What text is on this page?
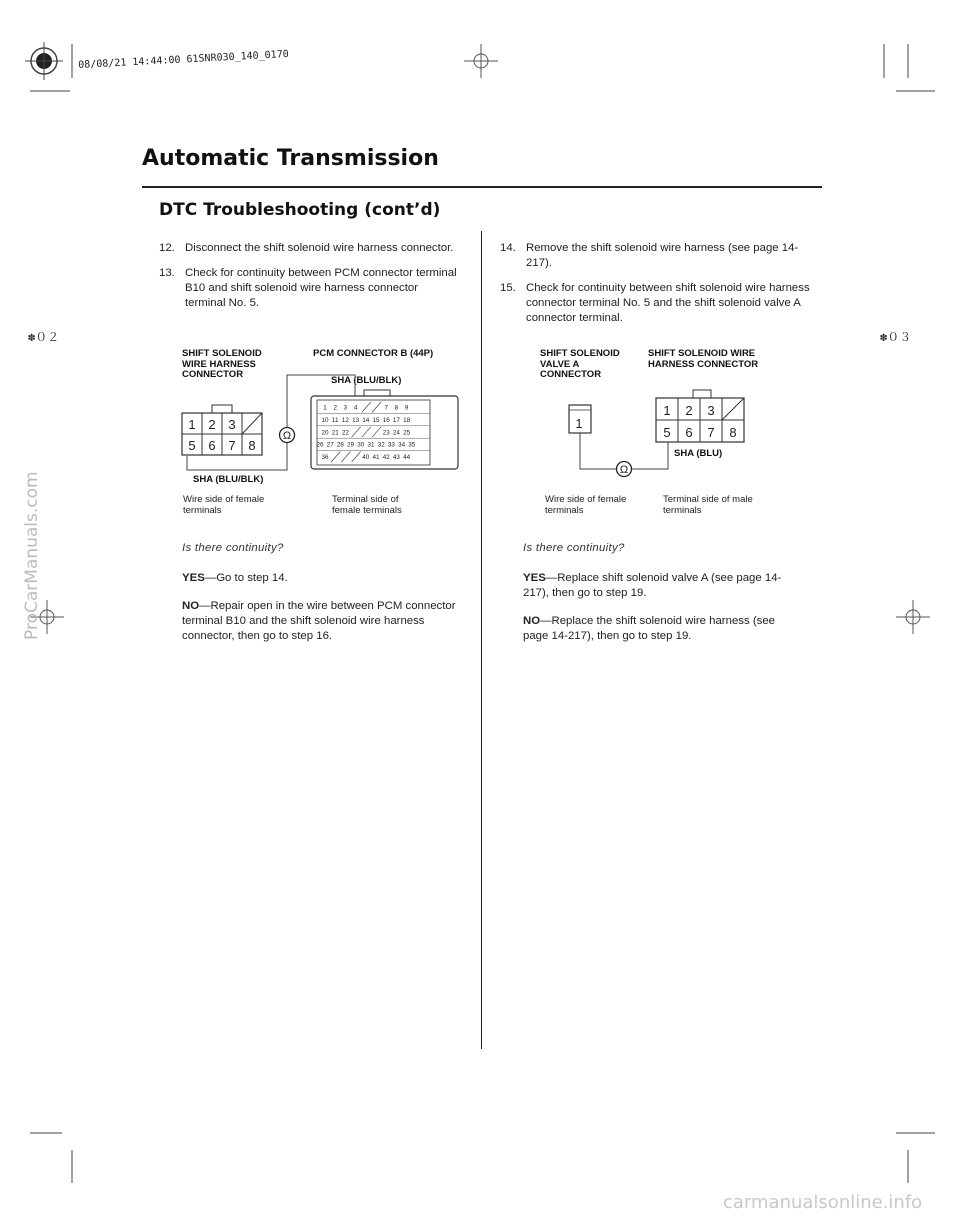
08/08/21 14:44:00 61SNR030_140_0170
Automatic Transmission
DTC Troubleshooting (cont’d)
✽０２	✽０３
12. Disconnect the shift solenoid wire harness connector.
13. Check for continuity between PCM connector terminal B10 and shift solenoid wire harness connector terminal No. 5.
SHIFT SOLENOID WIRE HARNESS CONNECTOR
PCM CONNECTOR B (44P)
SHA (BLU/BLK)
Ω
1 2 3
5 6 7 8
1 2 3 4	7 8 9
10 11 12 13 14 15 16 17 18
20 21 22	23 24 25
26 27 28 29 30 31 32 33 34 35
36	40 41 42 43 44
SHA (BLU/BLK)
Wire side of female terminals
Terminal side of female terminals
Is there continuity?
YES—Go to step 14.
NO—Repair open in the wire between PCM connector terminal B10 and the shift solenoid wire harness connector, then go to step 16.
14. Remove the shift solenoid wire harness (see page 14-217).
15. Check for continuity between shift solenoid wire harness connector terminal No. 5 and the shift solenoid valve A connector terminal.
SHIFT SOLENOID VALVE A CONNECTOR
SHIFT SOLENOID WIRE HARNESS CONNECTOR
Ω
1
1 2 3
5 6 7 8
SHA (BLU)
Wire side of female terminals
Terminal side of male terminals
Is there continuity?
YES—Replace shift solenoid valve A (see page 14-217), then go to step 19.
NO—Replace the shift solenoid wire harness (see page 14-217), then go to step 19.
ProCarManuals.com
carmanualsonline.info
